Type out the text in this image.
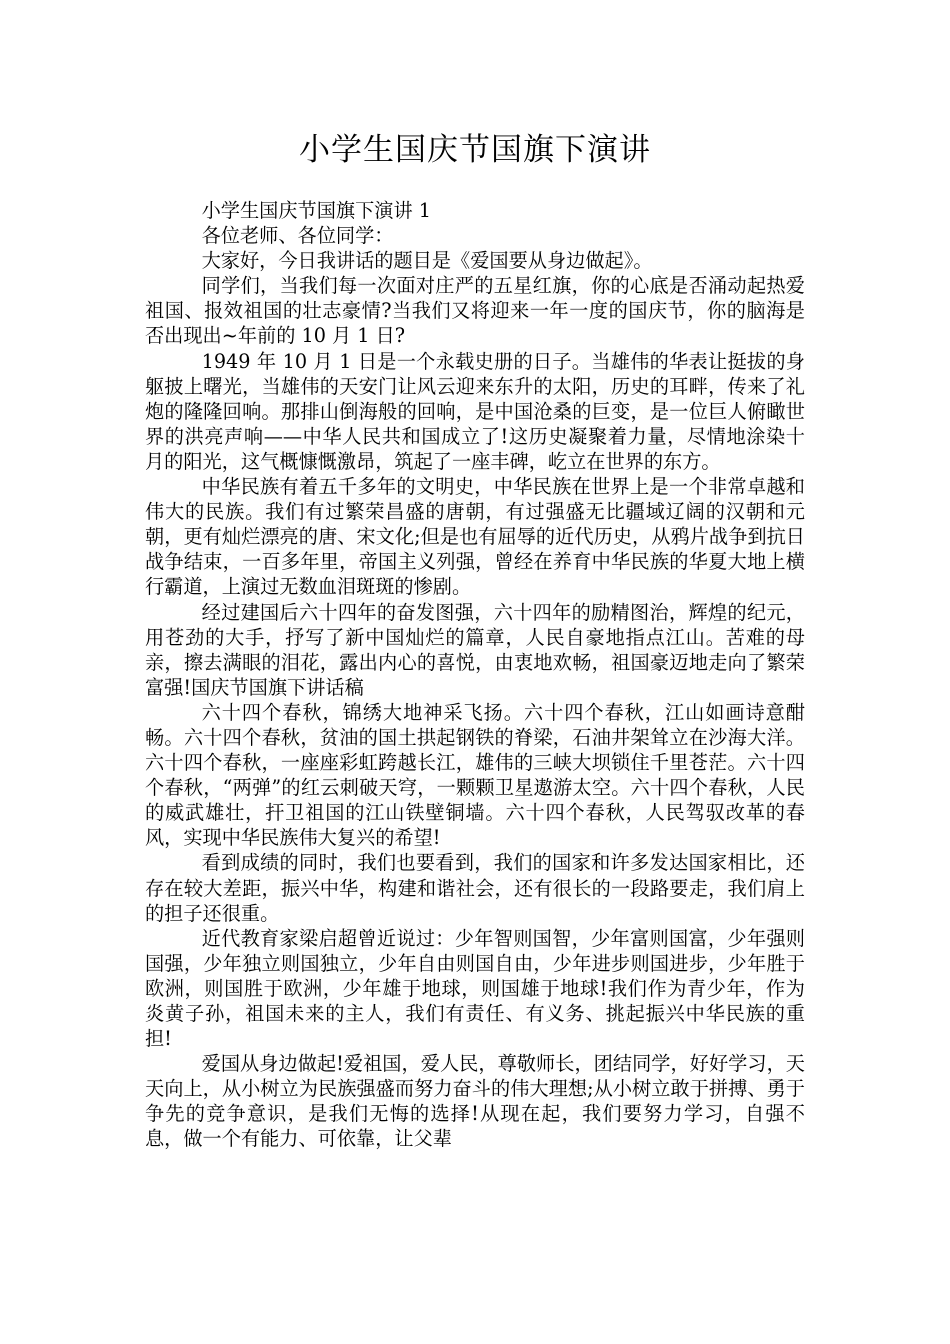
小学生国庆节国旗下演讲

小学生国庆节国旗下演讲 1

各位老师、各位同学：

大家好，今日我讲话的题目是《爱国要从身边做起》。

同学们，当我们每一次面对庄严的五星红旗，你的心底是否涌动起热爱祖国、报效祖国的壮志豪情?当我们又将迎来一年一度的国庆节，你的脑海是否出现出~年前的 10 月 1 日?

1949 年 10 月 1 日是一个永载史册的日子。当雄伟的华表让挺拔的身躯披上曙光，当雄伟的天安门让风云迎来东升的太阳，历史的耳畔，传来了礼炮的隆隆回响。那排山倒海般的回响，是中国沧桑的巨变，是一位巨人俯瞰世界的洪亮声响——中华人民共和国成立了!这历史凝聚着力量，尽情地涂染十月的阳光，这气概慷慨激昂，筑起了一座丰碑，屹立在世界的东方。

中华民族有着五千多年的文明史，中华民族在世界上是一个非常卓越和伟大的民族。我们有过繁荣昌盛的唐朝，有过强盛无比疆域辽阔的汉朝和元朝，更有灿烂漂亮的唐、宋文化;但是也有屈辱的近代历史，从鸦片战争到抗日战争结束，一百多年里，帝国主义列强，曾经在养育中华民族的华夏大地上横行霸道，上演过无数血泪斑斑的惨剧。

经过建国后六十四年的奋发图强，六十四年的励精图治，辉煌的纪元，用苍劲的大手，抒写了新中国灿烂的篇章，人民自豪地指点江山。苦难的母亲，擦去满眼的泪花，露出内心的喜悦，由衷地欢畅，祖国豪迈地走向了繁荣富强!国庆节国旗下讲话稿

六十四个春秋，锦绣大地神采飞扬。六十四个春秋，江山如画诗意酣畅。六十四个春秋，贫油的国土拱起钢铁的脊梁，石油井架耸立在沙海大洋。六十四个春秋，一座座彩虹跨越长江，雄伟的三峡大坝锁住千里苍茫。六十四个春秋，“两弹”的红云刺破天穹，一颗颗卫星遨游太空。六十四个春秋，人民的威武雄壮，扞卫祖国的江山铁壁铜墙。六十四个春秋，人民驾驭改革的春风，实现中华民族伟大复兴的希望!

看到成绩的同时，我们也要看到，我们的国家和许多发达国家相比，还存在较大差距，振兴中华，构建和谐社会，还有很长的一段路要走，我们肩上的担子还很重。

近代教育家梁启超曾近说过：少年智则国智，少年富则国富，少年强则国强，少年独立则国独立，少年自由则国自由，少年进步则国进步，少年胜于欧洲，则国胜于欧洲，少年雄于地球，则国雄于地球!我们作为青少年，作为炎黄子孙，祖国未来的主人，我们有责任、有义务、挑起振兴中华民族的重担!

爱国从身边做起!爱祖国，爱人民，尊敬师长，团结同学，好好学习，天天向上，从小树立为民族强盛而努力奋斗的伟大理想;从小树立敢于拼搏、勇于争先的竞争意识，是我们无悔的选择!从现在起，我们要努力学习，自强不息，做一个有能力、可依靠，让父辈
